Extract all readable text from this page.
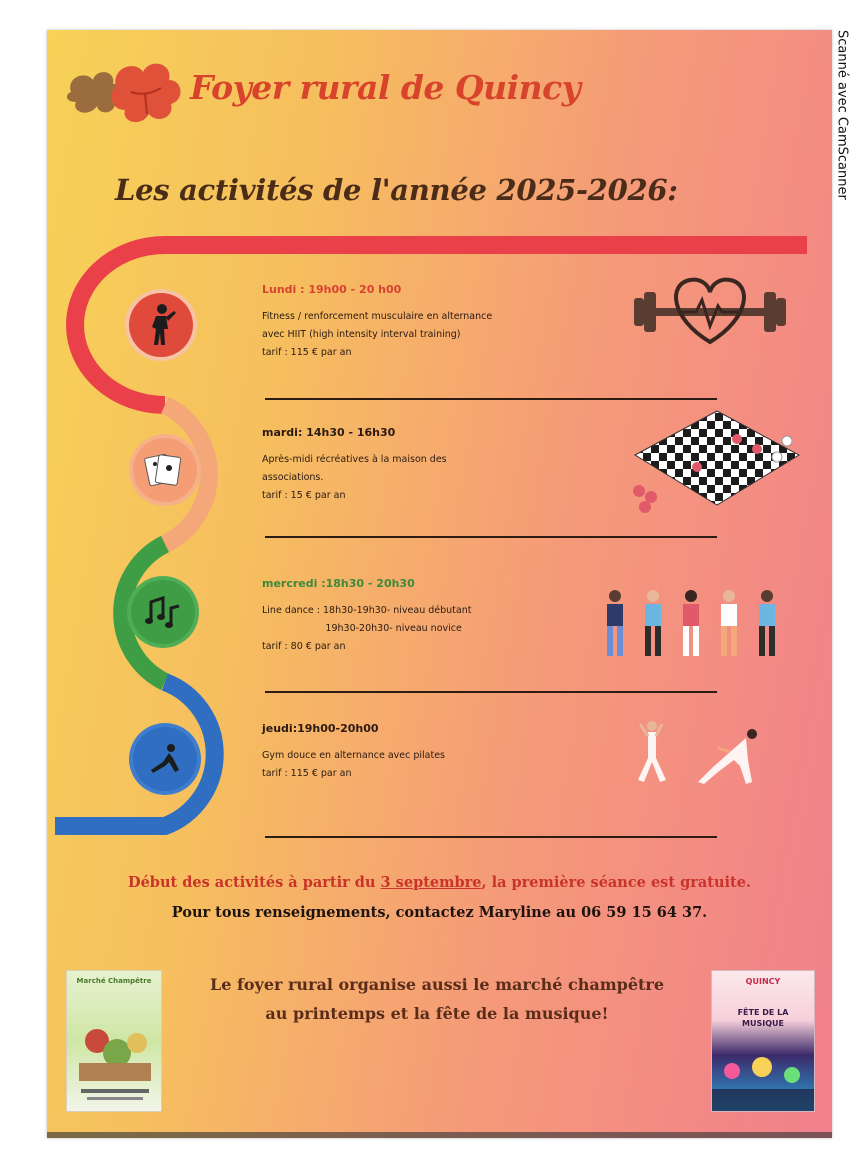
Foyer rural de Quincy
Les activités de l'année 2025-2026:
Lundi : 19h00 - 20 h00
Fitness / renforcement musculaire en alternance
avec HIIT (high intensity interval training)
tarif : 115 € par an
mardi: 14h30 - 16h30
Après-midi récréatives à la maison des
associations.
tarif : 15 € par an
mercredi :18h30 - 20h30
Line dance : 18h30-19h30- niveau débutant
19h30-20h30- niveau novice
tarif : 80 € par an
jeudi:19h00-20h00
Gym douce en alternance avec pilates
tarif : 115 € par an
Début des activités à partir du 3 septembre, la première séance est gratuite.
Pour tous renseignements, contactez Maryline au 06 59 15 64 37.
Marché Champêtre	Le foyer rural organise aussi le marché champêtre
au printemps et la fête de la musique!
QUINCY
FÊTE DE LA MUSIQUE
Scanné avec CamScanner
